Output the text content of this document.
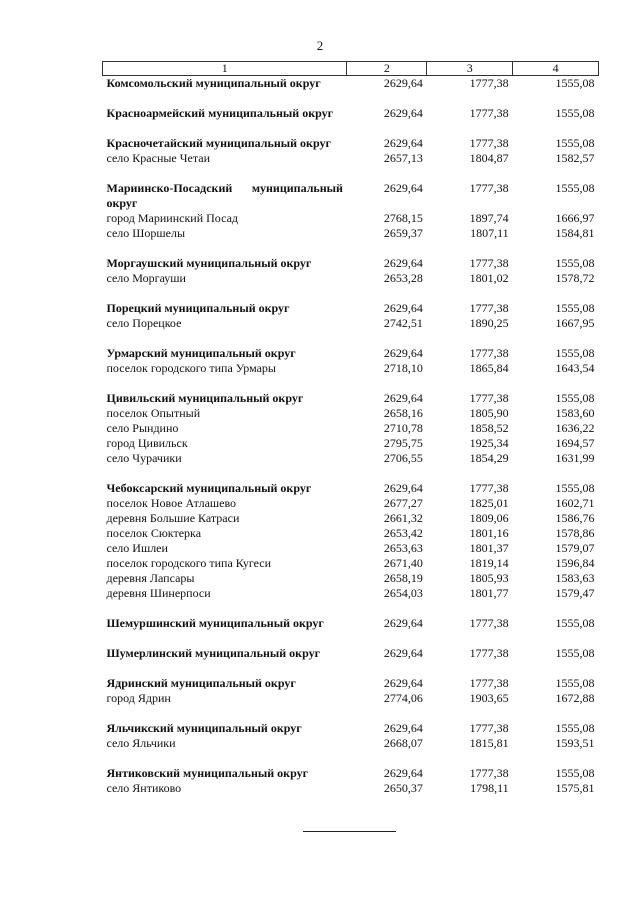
2
1	2	3	4
Комсомольский муниципальный округ	2629,64	1777,38	1555,08

Красноармейский муниципальный округ	2629,64	1777,38	1555,08

Красночетайский муниципальный округ	2629,64	1777,38	1555,08
село Красные Четаи	2657,13	1804,87	1582,57

Мариинско-Посадский муниципальный округ	2629,64	1777,38	1555,08
город Мариинский Посад	2768,15	1897,74	1666,97
село Шоршелы	2659,37	1807,11	1584,81

Моргаушский муниципальный округ	2629,64	1777,38	1555,08
село Моргауши	2653,28	1801,02	1578,72

Порецкий муниципальный округ	2629,64	1777,38	1555,08
село Порецкое	2742,51	1890,25	1667,95

Урмарский муниципальный округ	2629,64	1777,38	1555,08
поселок городского типа Урмары	2718,10	1865,84	1643,54

Цивильский муниципальный округ	2629,64	1777,38	1555,08
поселок Опытный	2658,16	1805,90	1583,60
село Рындино	2710,78	1858,52	1636,22
город Цивильск	2795,75	1925,34	1694,57
село Чурачики	2706,55	1854,29	1631,99

Чебоксарский муниципальный округ	2629,64	1777,38	1555,08
поселок Новое Атлашево	2677,27	1825,01	1602,71
деревня Большие Катраси	2661,32	1809,06	1586,76
поселок Сюктерка	2653,42	1801,16	1578,86
село Ишлеи	2653,63	1801,37	1579,07
поселок городского типа Кугеси	2671,40	1819,14	1596,84
деревня Лапсары	2658,19	1805,93	1583,63
деревня Шинерпоси	2654,03	1801,77	1579,47

Шемуршинский муниципальный округ	2629,64	1777,38	1555,08

Шумерлинский муниципальный округ	2629,64	1777,38	1555,08

Ядринский муниципальный округ	2629,64	1777,38	1555,08
город Ядрин	2774,06	1903,65	1672,88

Яльчикский муниципальный округ	2629,64	1777,38	1555,08
село Яльчики	2668,07	1815,81	1593,51

Янтиковский муниципальный округ	2629,64	1777,38	1555,08
село Янтиково	2650,37	1798,11	1575,81
